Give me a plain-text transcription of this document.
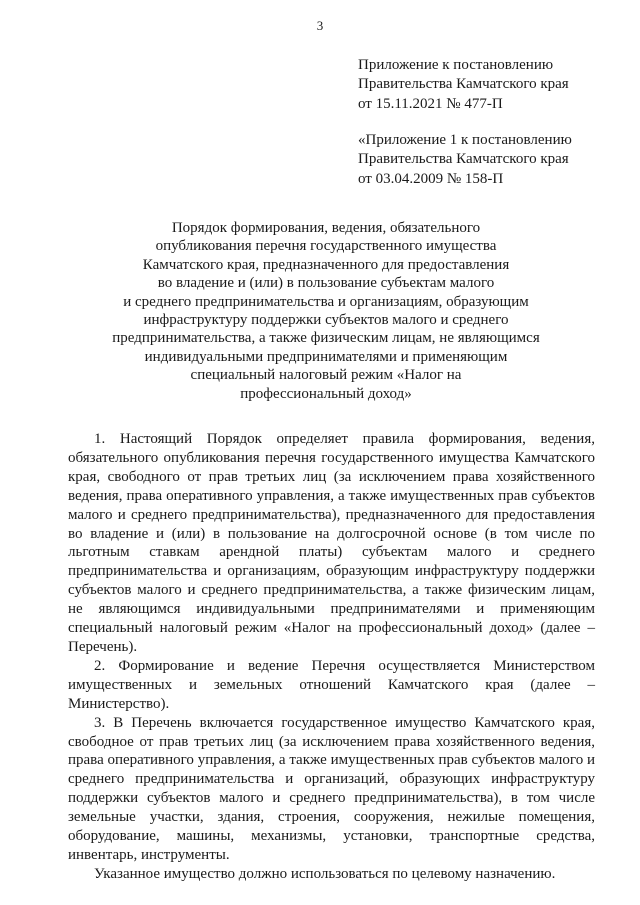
3
Приложение к постановлению
Правительства Камчатского края
от 15.11.2021 № 477-П
«Приложение 1 к постановлению
Правительства Камчатского края
от 03.04.2009 № 158-П
Порядок формирования, ведения, обязательного
опубликования перечня государственного имущества
Камчатского края, предназначенного для предоставления
во владение и (или) в пользование субъектам малого
и среднего предпринимательства и организациям, образующим
инфраструктуру поддержки субъектов малого и среднего
предпринимательства, а также физическим лицам, не являющимся
индивидуальными предпринимателями и применяющим
специальный налоговый режим «Налог на
профессиональный доход»

1. Настоящий Порядок определяет правила формирования, ведения, обязательного опубликования перечня государственного имущества Камчатского края, свободного от прав третьих лиц (за исключением права хозяйственного ведения, права оперативного управления, а также имущественных прав субъектов малого и среднего предпринимательства), предназначенного для предоставления во владение и (или) в пользование на долгосрочной основе (в том числе по льготным ставкам арендной платы) субъектам малого и среднего предпринимательства и организациям, образующим инфраструктуру поддержки субъектов малого и среднего предпринимательства, а также физическим лицам, не являющимся индивидуальными предпринимателями и применяющим специальный налоговый режим «Налог на профессиональный доход» (далее – Перечень).

2. Формирование и ведение Перечня осуществляется Министерством имущественных и земельных отношений Камчатского края (далее – Министерство).

3. В Перечень включается государственное имущество Камчатского края, свободное от прав третьих лиц (за исключением права хозяйственного ведения, права оперативного управления, а также имущественных прав субъектов малого и среднего предпринимательства и организаций, образующих инфраструктуру поддержки субъектов малого и среднего предпринимательства), в том числе земельные участки, здания, строения, сооружения, нежилые помещения, оборудование, машины, механизмы, установки, транспортные средства, инвентарь, инструменты.

Указанное имущество должно использоваться по целевому назначению.
